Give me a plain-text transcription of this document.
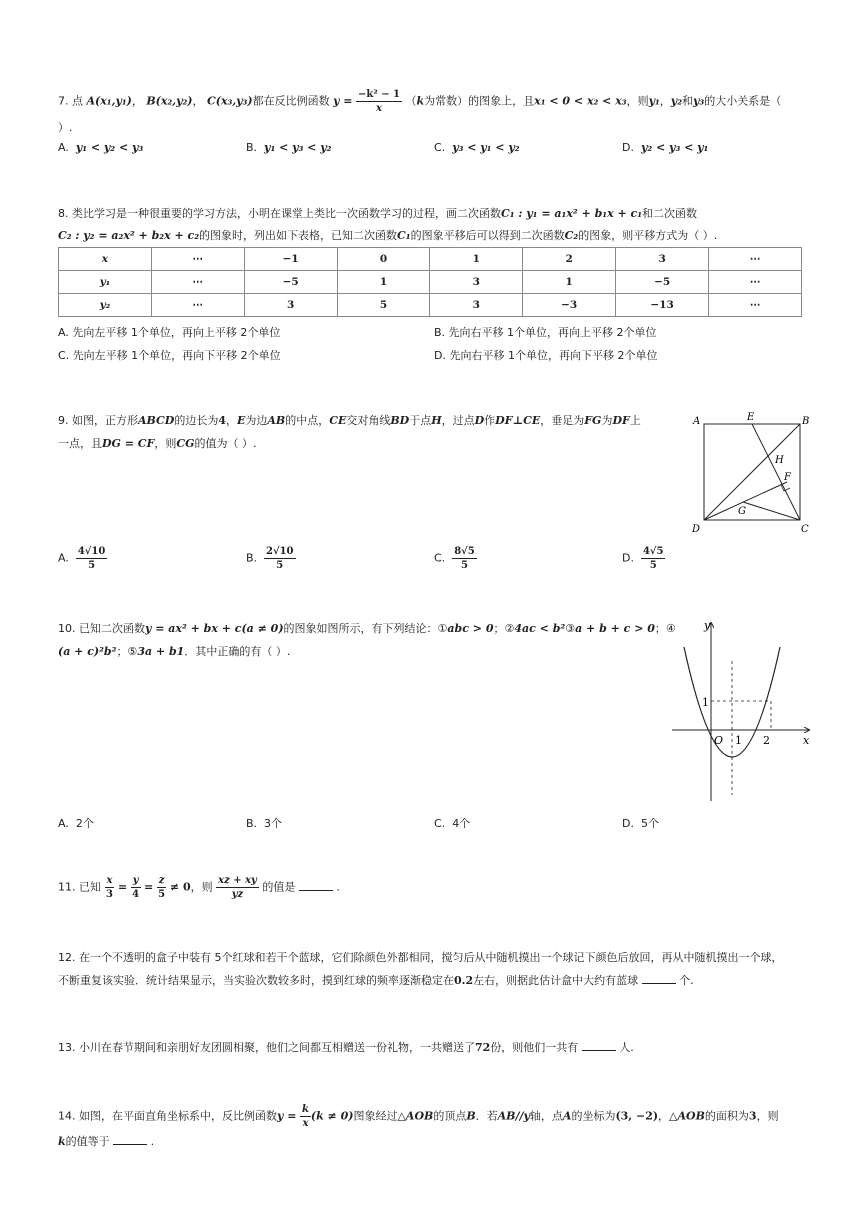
7. 点 A(x₁,y₁)， B(x₂,y₂)， C(x₃,y₃)都在反比例函数 $y = \frac{\text{−k² − 1}}{x} (k$为常数）的图象上，且x₁ < 0 < x₂ < x₃，则y₁，y₂和y₃的大小关系是（
）.
A. y₁ < y₂ < y₃	B. y₁ < y₃ < y₂	C. y₃ < y₁ < y₂	D. y₂ < y₃ < y₁
8. 类比学习是一种很重要的学习方法，小明在课堂上类比一次函数学习的过程，画二次函数C₁ : y₁ = a₁x² + b₁x + c₁和二次函数
C₂ : y₂ = a₂x² + b₂x + c₂的图象时，列出如下表格，已知二次函数C₁的图象平移后可以得到二次函数C₂的图象，则平移方式为（ ）.
x	⋯	−1	0	1	2	3	⋯
y₁	⋯	−5	1	3	1	−5	⋯
y₂	⋯	3	5	3	−3	−13	⋯
A. 先向左平移 1个单位，再向上平移 2个单位	B. 先向右平移 1个单位，再向上平移 2个单位
C. 先向左平移 1个单位，再向下平移 2个单位	D. 先向右平移 1个单位，再向下平移 2个单位
9. 如图，正方形ABCD的边长为4，E为边AB的中点，CE交对角线BD于点H，过点D作DF⊥CE，垂足为FG为DF上
一点，且DG = CF，则CG的值为（ ）.
A	B
C
D
E
F
G
H
A. $\frac{4√10}{5}$	B. $\frac{2√10}{5}$	C. $\frac{8√5}{5}$	D. $\frac{4√5}{5}$
10. 已知二次函数y = ax² + bx + c(a ≠ 0)的图象如图所示，有下列结论：①abc > 0；②4ac < b²③a + b + c > 0；④
(a + c)²b²；⑤3a + b1．其中正确的有（ ）.
y
x
O 1 2
1
A. 2个	B. 3个	C. 4个	D. 5个
11. 已知 $\frac{x}{3} = \frac{y}{4} = \frac{z}{5} \ne 0$，则 $\frac{xz + xy}{yz}$ 的值是	.
12. 在一个不透明的盒子中装有 5个红球和若干个蓝球，它们除颜色外都相同，搅匀后从中随机摸出一个球记下颜色后放回，再从中随机摸出一个球，
不断重复该实验．统计结果显示，当实验次数较多时，摸到红球的频率逐渐稳定在0.2左右，则据此估计盒中大约有蓝球	个.
13. 小川在春节期间和亲朋好友团圆相聚，他们之间都互相赠送一份礼物，一共赠送了72份，则他们一共有	人.
14. 如图，在平面直角坐标系中，反比例函数$y = \frac{k}{x} (k \ne 0)$图象经过△AOB的顶点B．若AB//y轴，点A的坐标为(3, −2)，△AOB的面积为3，则
k的值等于	.
